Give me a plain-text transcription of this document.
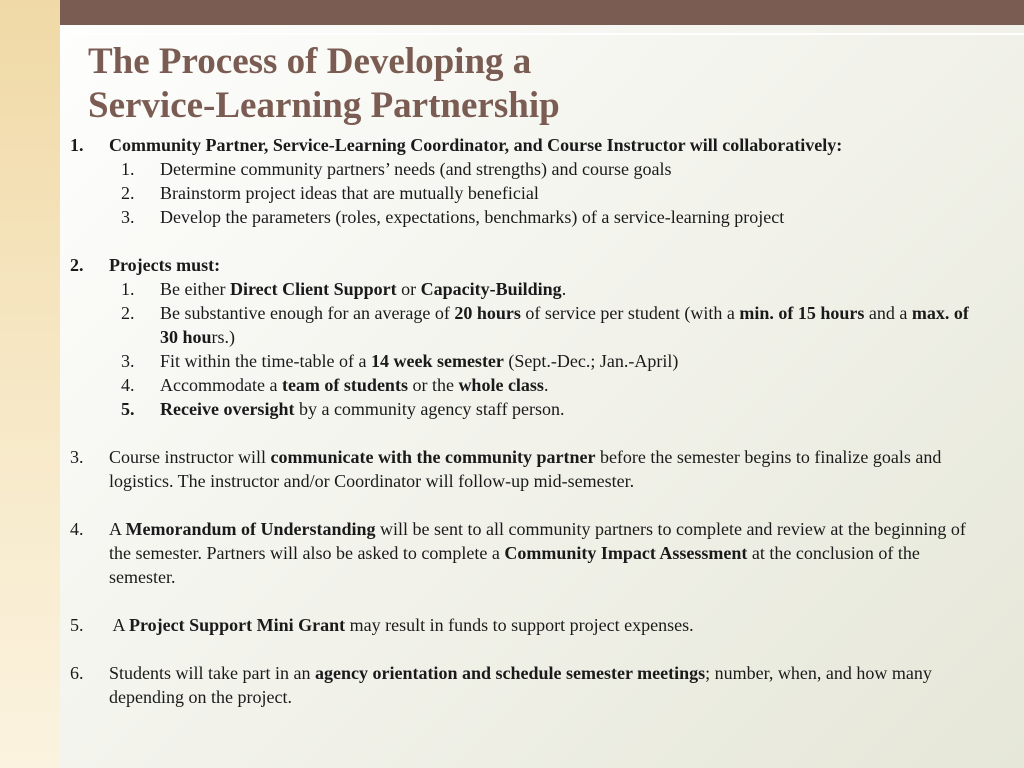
The Process of Developing a
Service-Learning Partnership
1. Community Partner, Service-Learning Coordinator, and Course Instructor will collaboratively:
1. Determine community partners’ needs (and strengths) and course goals
2. Brainstorm project ideas that are mutually beneficial
3. Develop the parameters (roles, expectations, benchmarks) of a service-learning project
2. Projects must:
1. Be either Direct Client Support or Capacity-Building.
2. Be substantive enough for an average of 20 hours of service per student (with a min. of 15 hours and a max. of 30 hours.)
3. Fit within the time-table of a 14 week semester (Sept.-Dec.; Jan.-April)
4. Accommodate a team of students or the whole class.
5. Receive oversight by a community agency staff person.
3. Course instructor will communicate with the community partner before the semester begins to finalize goals and logistics. The instructor and/or Coordinator will follow-up mid-semester.
4. A Memorandum of Understanding will be sent to all community partners to complete and review at the beginning of the semester. Partners will also be asked to complete a Community Impact Assessment at the conclusion of the semester.
5. A Project Support Mini Grant may result in funds to support project expenses.
6. Students will take part in an agency orientation and schedule semester meetings; number, when, and how many depending on the project.
